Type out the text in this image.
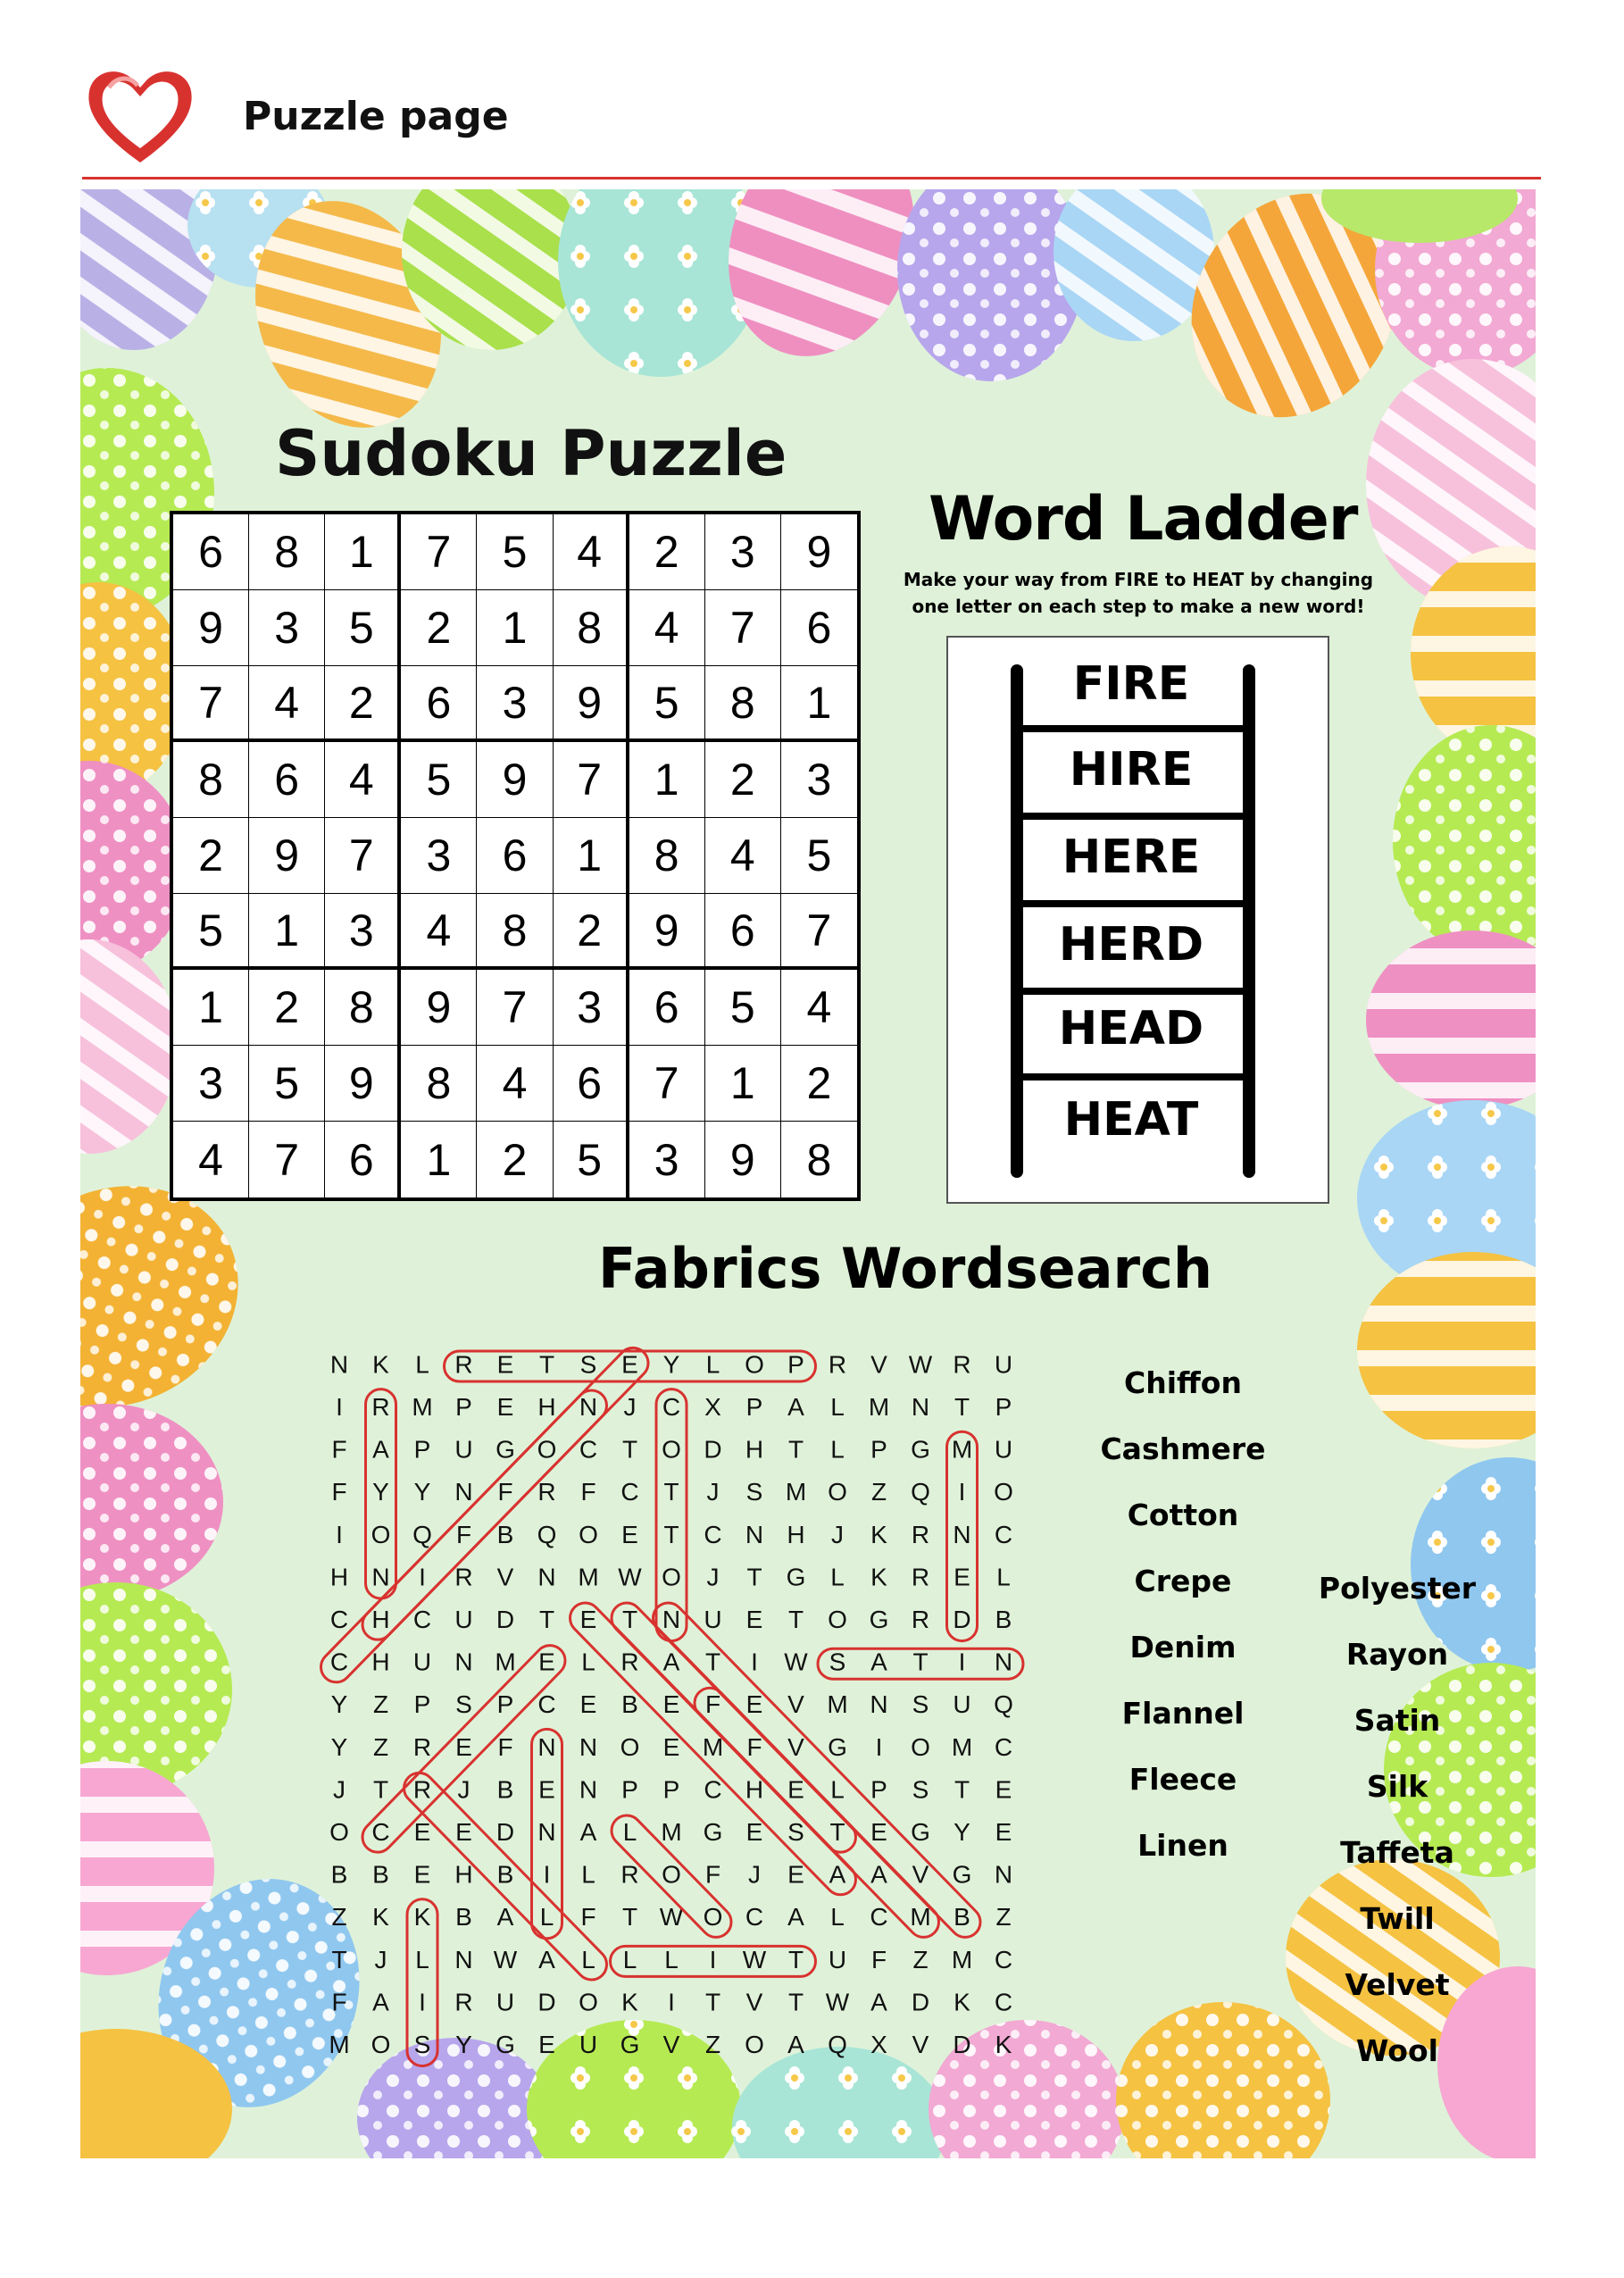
Puzzle page
Sudoku Puzzle
6	8	1	7	5	4	2	3	9
9	3	5	2	1	8	4	7	6
7	4	2	6	3	9	5	8	1
8	6	4	5	9	7	1	2	3
2	9	7	3	6	1	8	4	5
5	1	3	4	8	2	9	6	7
1	2	8	9	7	3	6	5	4
3	5	9	8	4	6	7	1	2
4	7	6	1	2	5	3	9	8
Word Ladder
Make your way from FIRE to HEAT by changing one letter on each step to make a new word!
FIRE
HIRE
HERE
HERD
HEAD
HEAT
Fabrics Wordsearch
N K L R E T S E Y L O P R V W R U
I R M P E H N J C X P A L M N T P
F A P U G O C T O D H T L P G M U
F Y Y N F R F C T J S M O Z Q I O
I O Q F B Q O E T C N H J K R N C
H N I R V N M W O J T G L K R E L
C H C U D T E T N U E T O G R D B
C H U N M E L R A T I W S A T I N
Y Z P S P C E B E F E V M N S U Q
Y Z R E F N N O E M F V G I O M C
J T R J B E N P P C H E L P S T E
O C E E D N A L M G E S T E G Y E
B B E H B I L R O F J E A A V G N
Z K K B A L F T W O C A L C M B Z
T J L N W A L L L I W T U F Z M C
F A I R U D O K I T V T W A D K C
M O S Y G E U G V Z O A Q X V D K
Chiffon
Cashmere
Cotton
Crepe
Denim
Flannel
Fleece
Linen
Polyester
Rayon
Satin
Silk
Taffeta
Twill
Velvet
Wool
